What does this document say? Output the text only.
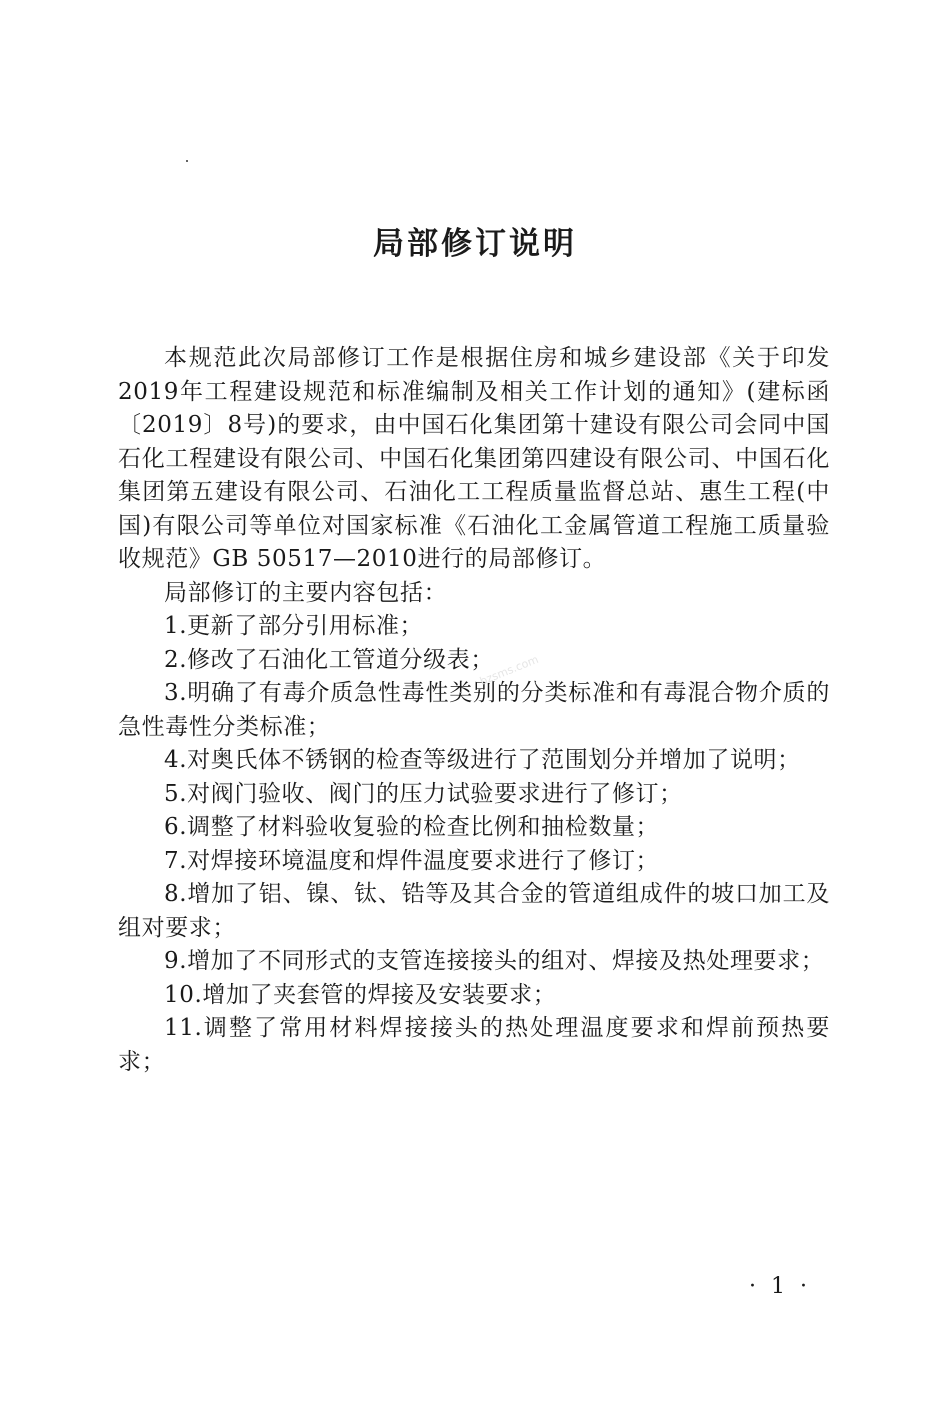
局部修订说明

本规范此次局部修订工作是根据住房和城乡建设部《关于印发2019年工程建设规范和标准编制及相关工作计划的通知》(建标函〔2019〕8号)的要求，由中国石化集团第十建设有限公司会同中国石化工程建设有限公司、中国石化集团第四建设有限公司、中国石化集团第五建设有限公司、石油化工工程质量监督总站、惠生工程(中国)有限公司等单位对国家标准《石油化工金属管道工程施工质量验收规范》GB 50517—2010进行的局部修订。

局部修订的主要内容包括：

1.更新了部分引用标准；

2.修改了石油化工管道分级表；

3.明确了有毒介质急性毒性类别的分类标准和有毒混合物介质的急性毒性分类标准；

4.对奥氏体不锈钢的检查等级进行了范围划分并增加了说明；

5.对阀门验收、阀门的压力试验要求进行了修订；

6.调整了材料验收复验的检查比例和抽检数量；

7.对焊接环境温度和焊件温度要求进行了修订；

8.增加了铝、镍、钛、锆等及其合金的管道组成件的坡口加工及组对要求；

9.增加了不同形式的支管连接接头的组对、焊接及热处理要求；

10.增加了夹套管的焊接及安装要求；

11.调整了常用材料焊接接头的热处理温度要求和焊前预热要求；

bzsms.com
· 1 ·
